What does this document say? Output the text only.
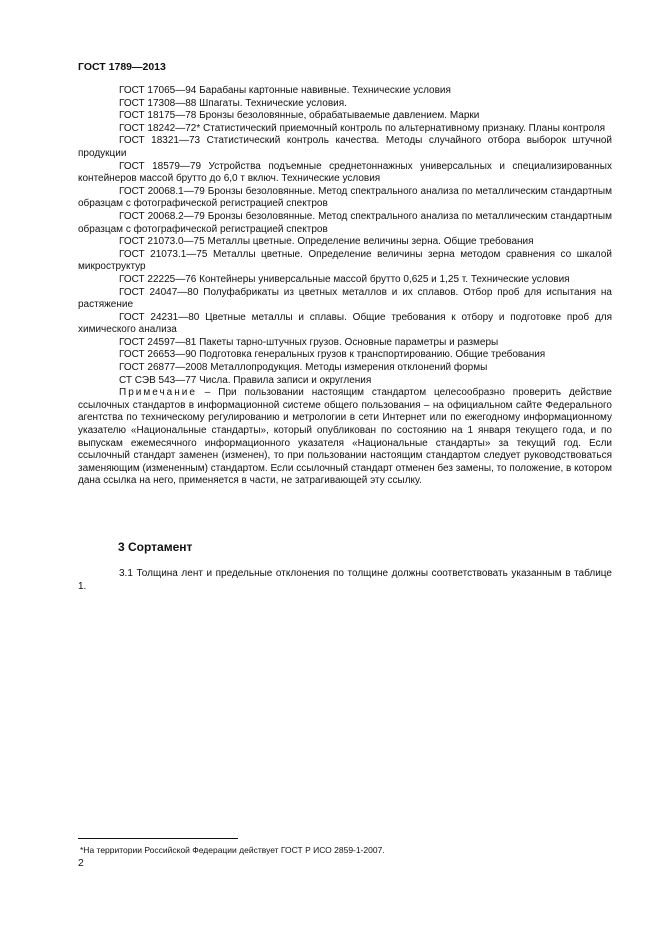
ГОСТ 1789—2013

ГОСТ 17065—94 Барабаны картонные навивные. Технические условия

ГОСТ 17308—88 Шпагаты. Технические условия.

ГОСТ 18175—78 Бронзы безоловянные, обрабатываемые давлением. Марки

ГОСТ 18242—72* Статистический приемочный контроль по альтернативному признаку. Планы контроля

ГОСТ 18321—73 Статистический контроль качества. Методы случайного отбора выборок штучной продукции

ГОСТ 18579—79 Устройства подъемные среднетоннажных универсальных и специализированных контейнеров массой брутто до 6,0 т включ. Технические условия

ГОСТ 20068.1—79 Бронзы безоловянные. Метод спектрального анализа по металлическим стандартным образцам с фотографической регистрацией спектров

ГОСТ 20068.2—79 Бронзы безоловянные. Метод спектрального анализа по металлическим стандартным образцам с фотографической регистрацией спектров

ГОСТ 21073.0—75 Металлы цветные. Определение величины зерна. Общие требования

ГОСТ 21073.1—75 Металлы цветные. Определение величины зерна методом сравнения со шкалой микроструктур

ГОСТ 22225—76 Контейнеры универсальные массой брутто 0,625 и 1,25 т. Технические условия

ГОСТ 24047—80 Полуфабрикаты из цветных металлов и их сплавов. Отбор проб для испытания на растяжение

ГОСТ 24231—80 Цветные металлы и сплавы. Общие требования к отбору и подготовке проб для химического анализа

ГОСТ 24597—81 Пакеты тарно-штучных грузов. Основные параметры и размеры

ГОСТ 26653—90 Подготовка генеральных грузов к транспортированию. Общие требования

ГОСТ 26877—2008 Металлопродукция. Методы измерения отклонений формы

СТ СЭВ 543—77 Числа. Правила записи и округления

Примечание – При пользовании настоящим стандартом целесообразно проверить действие ссылочных стандартов в информационной системе общего пользования – на официальном сайте Федерального агентства по техническому регулированию и метрологии в сети Интернет или по ежегодному информационному указателю «Национальные стандарты», который опубликован по состоянию на 1 января текущего года, и по выпускам ежемесячного информационного указателя «Национальные стандарты» за текущий год. Если ссылочный стандарт заменен (изменен), то при пользовании настоящим стандартом следует руководствоваться заменяющим (измененным) стандартом. Если ссылочный стандарт отменен без замены, то положение, в котором дана ссылка на него, применяется в части, не затрагивающей эту ссылку.

3 Сортамент

3.1 Толщина лент и предельные отклонения по толщине должны соответствовать указанным в таблице 1.

*На территории Российской Федерации действует ГОСТ Р ИСО 2859-1-2007.
2
